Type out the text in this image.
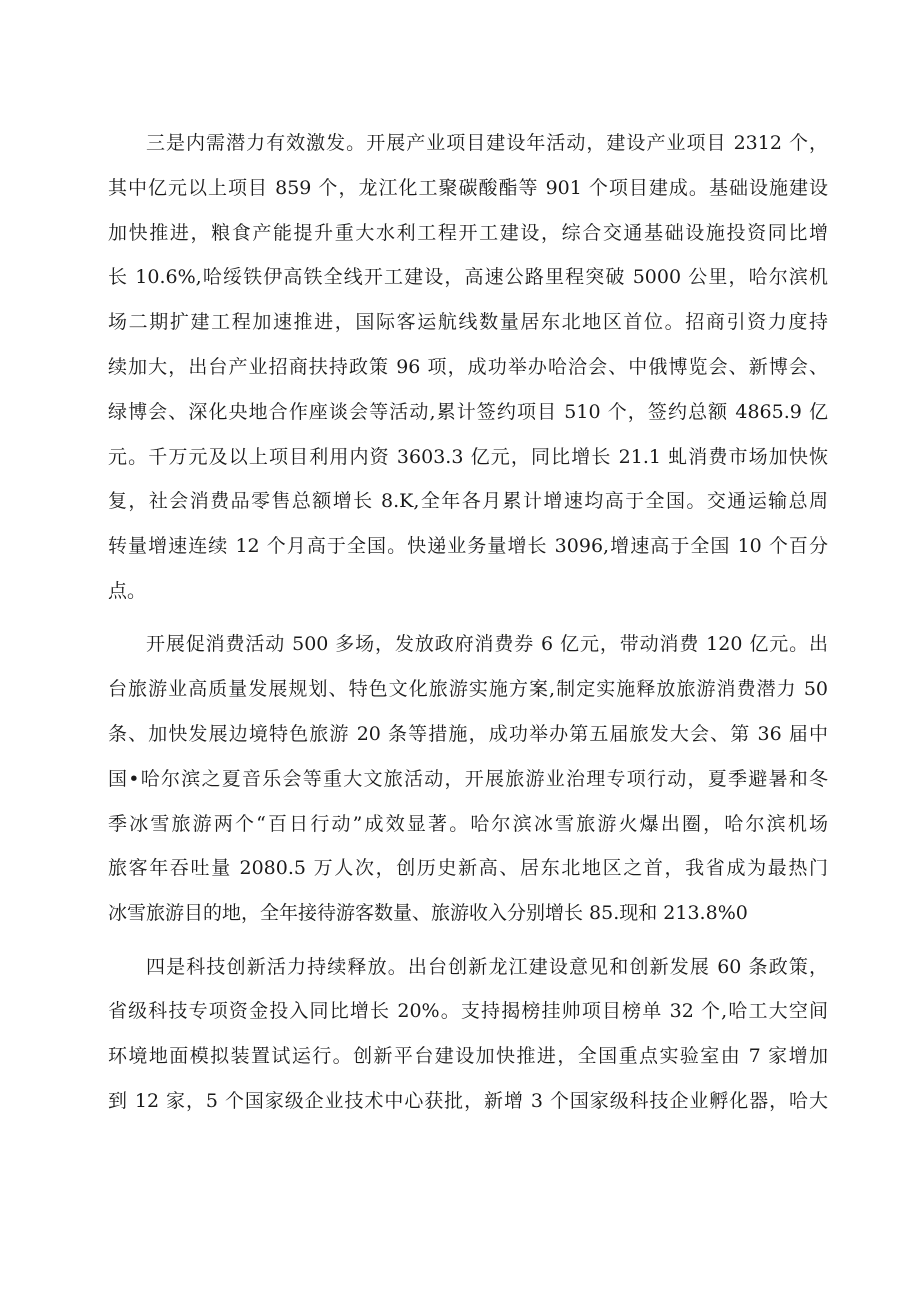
三是内需潜力有效激发。开展产业项目建设年活动，建设产业项目 2312 个，
其中亿元以上项目 859 个，龙江化工聚碳酸酯等 901 个项目建成。基础设施建设
加快推进，粮食产能提升重大水利工程开工建设，综合交通基础设施投资同比增
长 10.6%,哈绥铁伊高铁全线开工建设，高速公路里程突破 5000 公里，哈尔滨机
场二期扩建工程加速推进，国际客运航线数量居东北地区首位。招商引资力度持
续加大，出台产业招商扶持政策 96 项，成功举办哈洽会、中俄博览会、新博会、
绿博会、深化央地合作座谈会等活动,累计签约项目 510 个，签约总额 4865.9 亿
元。千万元及以上项目利用内资 3603.3 亿元，同比增长 21.1 虬消费市场加快恢
复，社会消费品零售总额增长 8.K,全年各月累计增速均高于全国。交通运输总周
转量增速连续 12 个月高于全国。快递业务量增长 3096,增速高于全国 10 个百分
点。
开展促消费活动 500 多场，发放政府消费券 6 亿元，带动消费 120 亿元。出
台旅游业高质量发展规划、特色文化旅游实施方案,制定实施释放旅游消费潜力 50
条、加快发展边境特色旅游 20 条等措施，成功举办第五届旅发大会、第 36 届中
国•哈尔滨之夏音乐会等重大文旅活动，开展旅游业治理专项行动，夏季避暑和冬
季冰雪旅游两个“百日行动”成效显著。哈尔滨冰雪旅游火爆出圈，哈尔滨机场
旅客年吞吐量 2080.5 万人次，创历史新高、居东北地区之首，我省成为最热门
冰雪旅游目的地，全年接待游客数量、旅游收入分别增长 85.现和 213.8%0
四是科技创新活力持续释放。出台创新龙江建设意见和创新发展 60 条政策，
省级科技专项资金投入同比增长 20%。支持揭榜挂帅项目榜单 32 个,哈工大空间
环境地面模拟装置试运行。创新平台建设加快推进，全国重点实验室由 7 家增加
到 12 家，5 个国家级企业技术中心获批，新增 3 个国家级科技企业孵化器，哈大
